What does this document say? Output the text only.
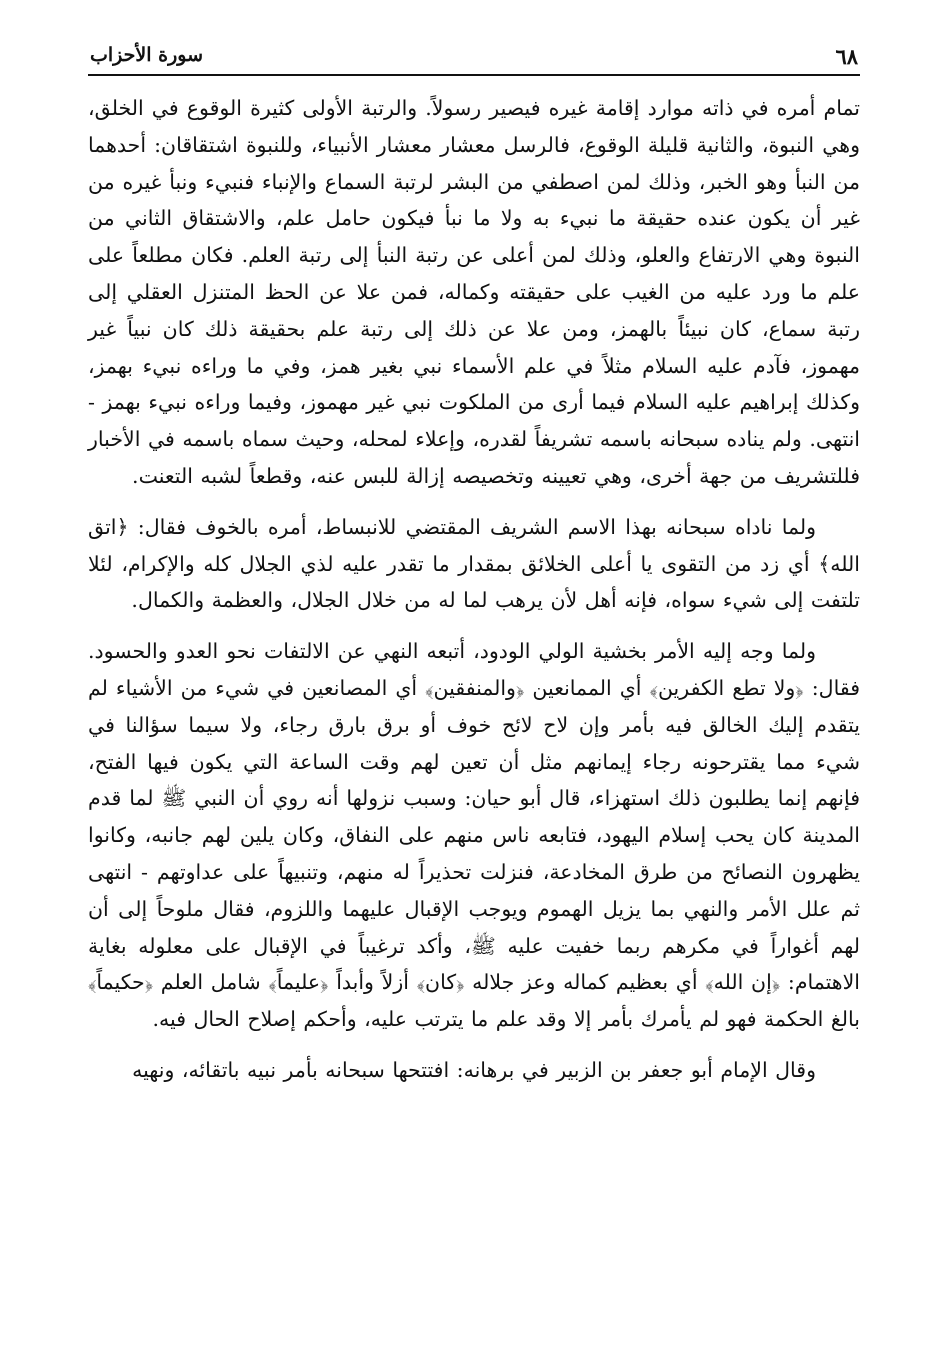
٦٨
سورة الأحزاب

تمام أمره في ذاته موارد إقامة غيره فيصير رسولاً. والرتبة الأولى كثيرة الوقوع في الخلق، وهي النبوة، والثانية قليلة الوقوع، فالرسل معشار معشار الأنبياء، وللنبوة اشتقاقان: أحدهما من النبأ وهو الخبر، وذلك لمن اصطفي من البشر لرتبة السماع والإنباء فنبيء ونبأ غيره من غير أن يكون عنده حقيقة ما نبيء به ولا ما نبأ فيكون حامل علم، والاشتقاق الثاني من النبوة وهي الارتفاع والعلو، وذلك لمن أعلى عن رتبة النبأ إلى رتبة العلم. فكان مطلعاً على علم ما ورد عليه من الغيب على حقيقته وكماله، فمن علا عن الحظ المتنزل العقلي إلى رتبة سماع، كان نبيئاً بالهمز، ومن علا عن ذلك إلى رتبة علم بحقيقة ذلك كان نبياً غير مهموز، فآدم عليه السلام مثلاً في علم الأسماء نبي بغير همز، وفي ما وراءه نبيء بهمز، وكذلك إبراهيم عليه السلام فيما أرى من الملكوت نبي غير مهموز، وفيما وراءه نبيء بهمز - انتهى. ولم يناده سبحانه باسمه تشريفاً لقدره، وإعلاء لمحله، وحيث سماه باسمه في الأخبار فللتشريف من جهة أخرى، وهي تعيينه وتخصيصه إزالة للبس عنه، وقطعاً لشبه التعنت.

ولما ناداه سبحانه بهذا الاسم الشريف المقتضي للانبساط، أمره بالخوف فقال: ﴿اتق الله﴾ أي زد من التقوى يا أعلى الخلائق بمقدار ما تقدر عليه لذي الجلال كله والإكرام، لئلا تلتفت إلى شيء سواه، فإنه أهل لأن يرهب لما له من خلال الجلال، والعظمة والكمال.

ولما وجه إليه الأمر بخشية الولي الودود، أتبعه النهي عن الالتفات نحو العدو والحسود. فقال: ﴿ولا تطع الكفرين﴾ أي الممانعين ﴿والمنفقين﴾ أي المصانعين في شيء من الأشياء لم يتقدم إليك الخالق فيه بأمر وإن لاح لائح خوف أو برق بارق رجاء، ولا سيما سؤالنا في شيء مما يقترحونه رجاء إيمانهم مثل أن تعين لهم وقت الساعة التي يكون فيها الفتح، فإنهم إنما يطلبون ذلك استهزاء، قال أبو حيان: وسبب نزولها أنه روي أن النبي ﷺ لما قدم المدينة كان يحب إسلام اليهود، فتابعه ناس منهم على النفاق، وكان يلين لهم جانبه، وكانوا يظهرون النصائح من طرق المخادعة، فنزلت تحذيراً له منهم، وتنبيهاً على عداوتهم - انتهى ثم علل الأمر والنهي بما يزيل الهموم ويوجب الإقبال عليهما واللزوم، فقال ملوحاً إلى أن لهم أغواراً في مكرهم ربما خفيت عليه ﷺ، وأكد ترغيباً في الإقبال على معلوله بغاية الاهتمام: ﴿إن الله﴾ أي بعظيم كماله وعز جلاله ﴿كان﴾ أزلاً وأبداً ﴿عليماً﴾ شامل العلم ﴿حكيماً﴾ بالغ الحكمة فهو لم يأمرك بأمر إلا وقد علم ما يترتب عليه، وأحكم إصلاح الحال فيه.

وقال الإمام أبو جعفر بن الزبير في برهانه: افتتحها سبحانه بأمر نبيه باتقائه، ونهيه
